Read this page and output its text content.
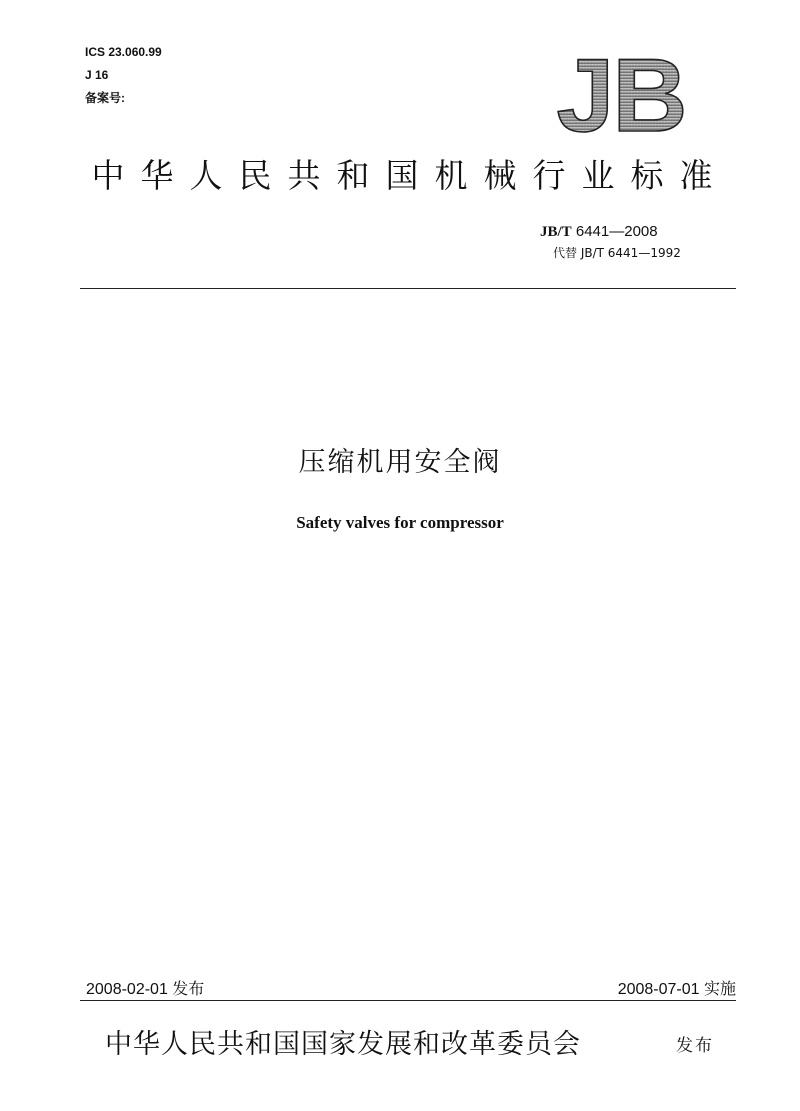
ICS 23.060.99
J 16
备案号:	JB
中华人民共和国机械行业标准
JB/T 6441—2008
代替 JB/T 6441—1992
压缩机用安全阀
Safety valves for compressor
2008-02-01 发布	2008-07-01 实施
中华人民共和国国家发展和改革委员会	发布
